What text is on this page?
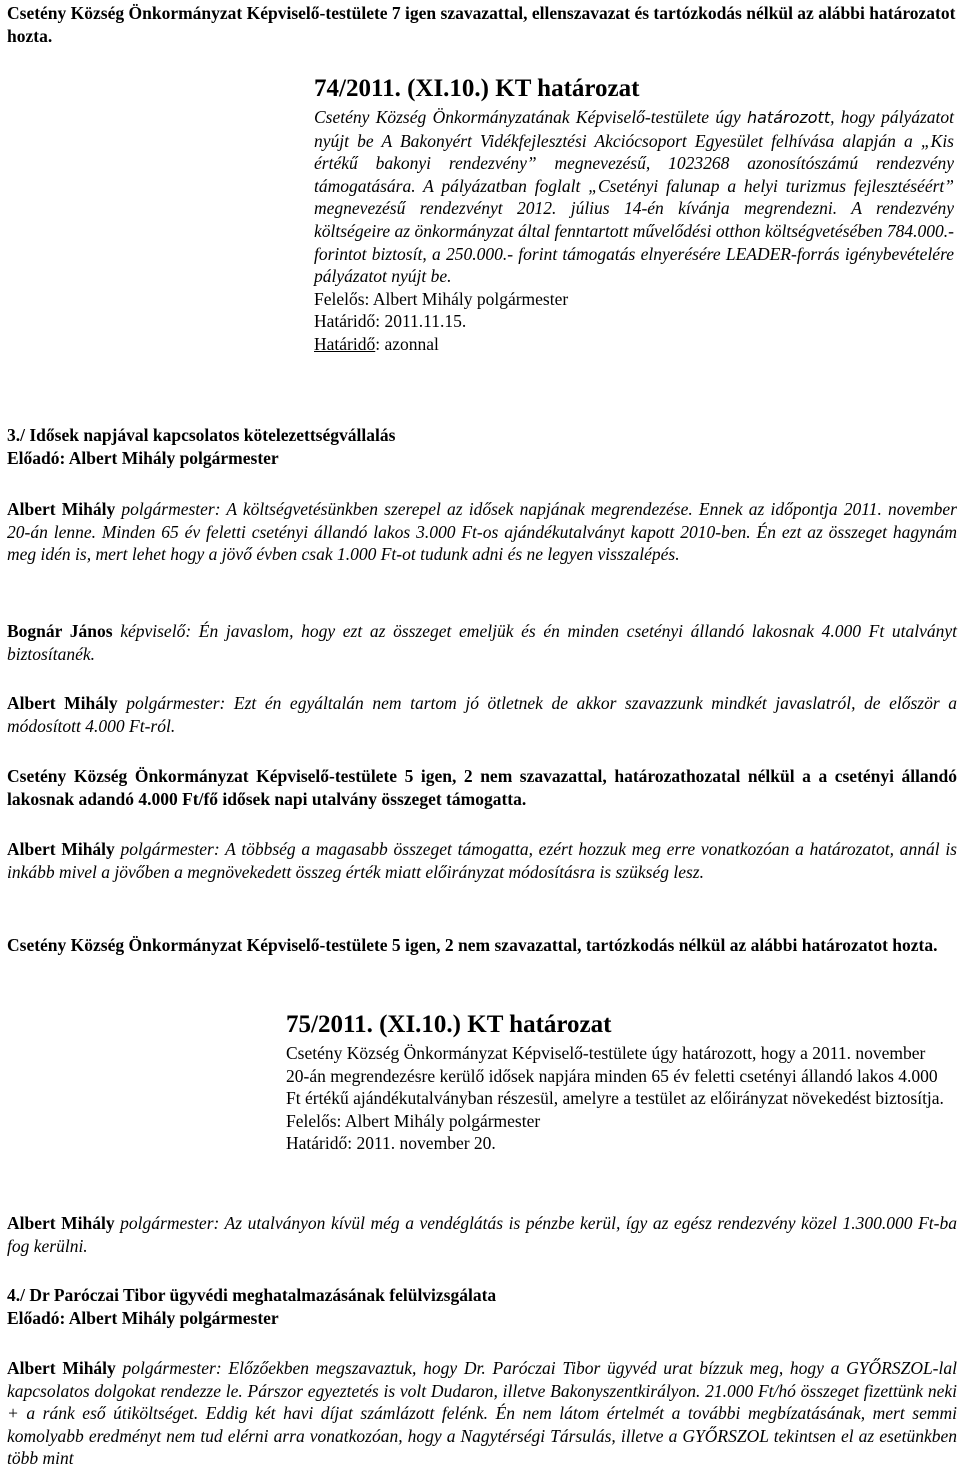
Csetény Község Önkormányzat Képviselő-testülete 7 igen szavazattal, ellenszavazat és tartózkodás nélkül az alábbi határozatot hozta.

74/2011. (XI.10.) KT határozat

Csetény Község Önkormányzatának Képviselő-testülete úgy határozott, hogy pályázatot nyújt be A Bakonyért Vidékfejlesztési Akciócsoport Egyesület felhívása alapján a „Kis értékű bakonyi rendezvény” megnevezésű, 1023268 azonosítószámú rendezvény támogatására. A pályázatban foglalt „Csetényi falunap a helyi turizmus fejlesztéséért” megnevezésű rendezvényt 2012. július 14-én kívánja megrendezni. A rendezvény költségeire az önkormányzat által fenntartott művelődési otthon költségvetésében 784.000.- forintot biztosít, a 250.000.- forint támogatás elnyerésére LEADER-forrás igénybevételére pályázatot nyújt be.

Felelős: Albert Mihály polgármester

Határidő: 2011.11.15.

Határidő: azonnal

3./ Idősek napjával kapcsolatos kötelezettségvállalás

Előadó: Albert Mihály polgármester

Albert Mihály polgármester: A költségvetésünkben szerepel az idősek napjának megrendezése. Ennek az időpontja 2011. november 20-án lenne. Minden 65 év feletti csetényi állandó lakos 3.000 Ft-os ajándékutalványt kapott 2010-ben. Én ezt az összeget hagynám meg idén is, mert lehet hogy a jövő évben csak 1.000 Ft-ot tudunk adni és ne legyen visszalépés.

Bognár János képviselő: Én javaslom, hogy ezt az összeget emeljük és én minden csetényi állandó lakosnak 4.000 Ft utalványt biztosítanék.

Albert Mihály polgármester: Ezt én egyáltalán nem tartom jó ötletnek de akkor szavazzunk mindkét javaslatról, de először a módosított 4.000 Ft-ról.

Csetény Község Önkormányzat Képviselő-testülete 5 igen, 2 nem szavazattal, határozathozatal nélkül a a csetényi állandó lakosnak adandó 4.000 Ft/fő idősek napi utalvány összeget támogatta.

Albert Mihály polgármester: A többség a magasabb összeget támogatta, ezért hozzuk meg erre vonatkozóan a határozatot, annál is inkább mivel a jövőben a megnövekedett összeg érték miatt előirányzat módosításra is szükség lesz.

Csetény Község Önkormányzat Képviselő-testülete 5 igen, 2 nem szavazattal, tartózkodás nélkül az alábbi határozatot hozta.

75/2011. (XI.10.) KT határozat

Csetény Község Önkormányzat Képviselő-testülete úgy határozott, hogy a 2011. november 20-án megrendezésre kerülő idősek napjára minden 65 év feletti csetényi állandó lakos 4.000 Ft értékű ajándékutalványban részesül, amelyre a testület az előirányzat növekedést biztosítja.

Felelős: Albert Mihály polgármester

Határidő: 2011. november 20.

Albert Mihály polgármester: Az utalványon kívül még a vendéglátás is pénzbe kerül, így az egész rendezvény közel 1.300.000 Ft-ba fog kerülni.

4./ Dr Paróczai Tibor ügyvédi meghatalmazásának felülvizsgálata

Előadó: Albert Mihály polgármester

Albert Mihály polgármester: Előzőekben megszavaztuk, hogy Dr. Paróczai Tibor ügyvéd urat bízzuk meg, hogy a GYŐRSZOL-lal kapcsolatos dolgokat rendezze le. Párszor egyeztetés is volt Dudaron, illetve Bakonyszentkirályon. 21.000 Ft/hó összeget fizettünk neki + a ránk eső útiköltséget. Eddig két havi díjat számlázott felénk. Én nem látom értelmét a további megbízatásának, mert semmi komolyabb eredményt nem tud elérni arra vonatkozóan, hogy a Nagytérségi Társulás, illetve a GYŐRSZOL tekintsen el az esetünkben több mint
